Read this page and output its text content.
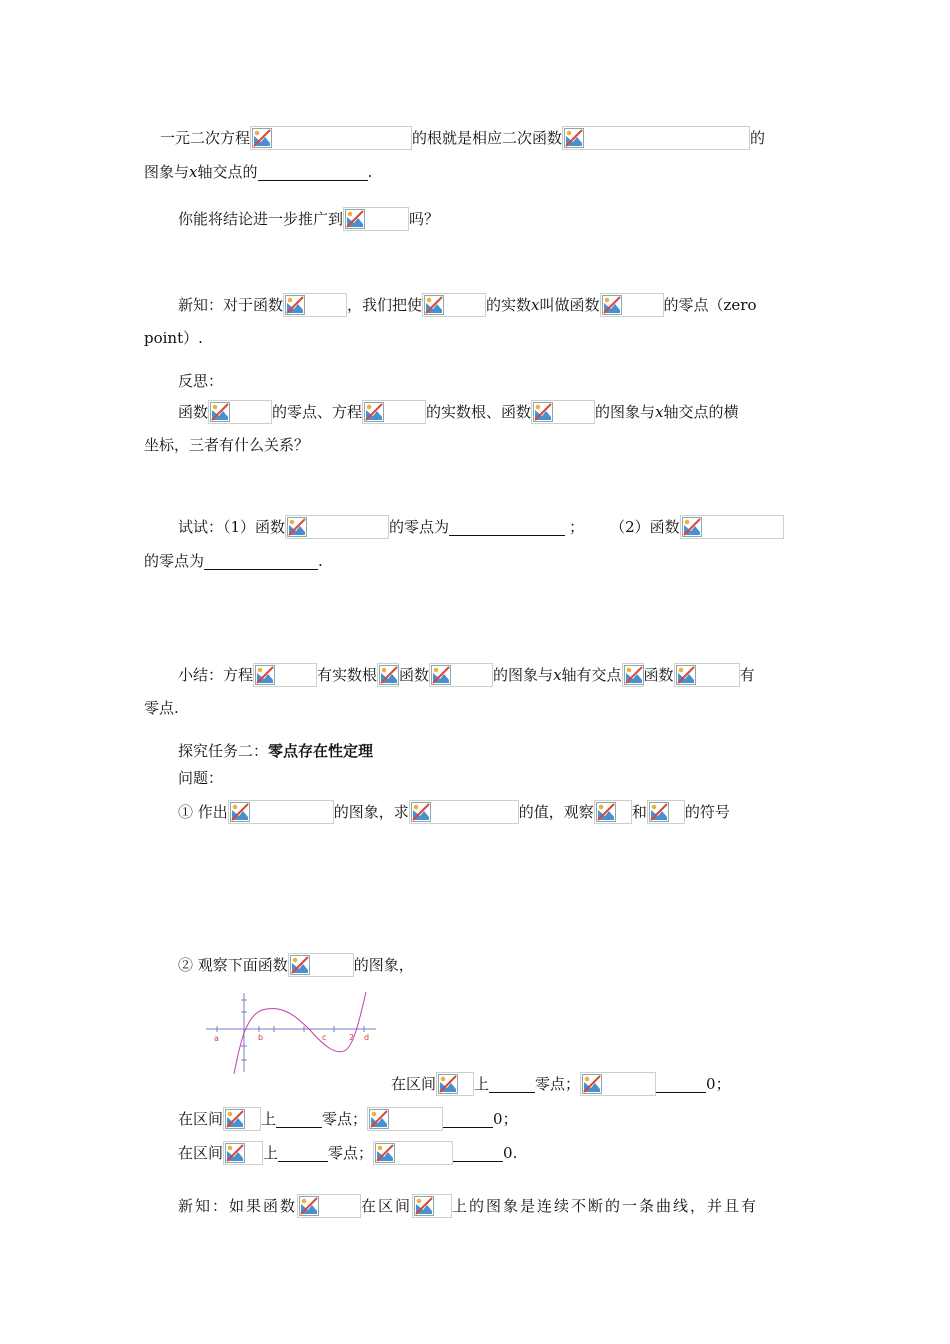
一元二次方程	的根就是相应二次函数	的
图象与x轴交点的	.
你能将结论进一步推广到	吗？
新知：对于函数	，我们把使	的实数x叫做函数	的零点（zero
point）.
反思：
函数	的零点、方程	的实数根、函数	的图象与x轴交点的横
坐标，三者有什么关系？
试试：（1）函数	的零点为	； （2）函数
的零点为	.
小结：方程	有实数根 函数	的图象与x轴有交点 函数	有
零点.
探究任务二：零点存在性定理
问题：
① 作出	的图象，求	的值，观察	和	的符号
② 观察下面函数	的图象，
a	b	c	2 d
在区间	上	零点；	0；
在区间	上	零点；	0；
在区间	上	零点；	0.
新知：如果函数	在区间	上的图象是连续不断的一条曲线，并且有
